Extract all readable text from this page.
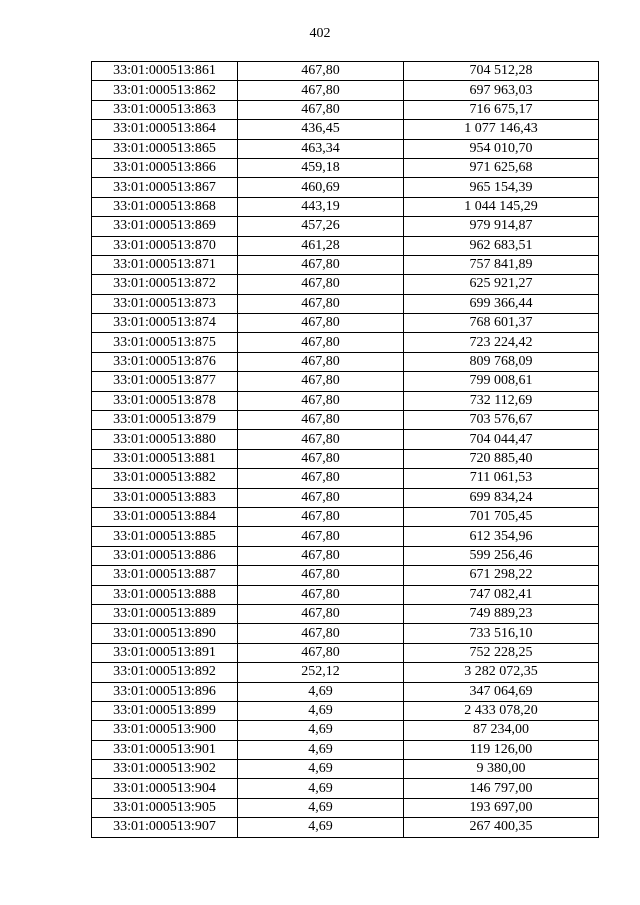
402
33:01:000513:861	467,80	704 512,28
33:01:000513:862	467,80	697 963,03
33:01:000513:863	467,80	716 675,17
33:01:000513:864	436,45	1 077 146,43
33:01:000513:865	463,34	954 010,70
33:01:000513:866	459,18	971 625,68
33:01:000513:867	460,69	965 154,39
33:01:000513:868	443,19	1 044 145,29
33:01:000513:869	457,26	979 914,87
33:01:000513:870	461,28	962 683,51
33:01:000513:871	467,80	757 841,89
33:01:000513:872	467,80	625 921,27
33:01:000513:873	467,80	699 366,44
33:01:000513:874	467,80	768 601,37
33:01:000513:875	467,80	723 224,42
33:01:000513:876	467,80	809 768,09
33:01:000513:877	467,80	799 008,61
33:01:000513:878	467,80	732 112,69
33:01:000513:879	467,80	703 576,67
33:01:000513:880	467,80	704 044,47
33:01:000513:881	467,80	720 885,40
33:01:000513:882	467,80	711 061,53
33:01:000513:883	467,80	699 834,24
33:01:000513:884	467,80	701 705,45
33:01:000513:885	467,80	612 354,96
33:01:000513:886	467,80	599 256,46
33:01:000513:887	467,80	671 298,22
33:01:000513:888	467,80	747 082,41
33:01:000513:889	467,80	749 889,23
33:01:000513:890	467,80	733 516,10
33:01:000513:891	467,80	752 228,25
33:01:000513:892	252,12	3 282 072,35
33:01:000513:896	4,69	347 064,69
33:01:000513:899	4,69	2 433 078,20
33:01:000513:900	4,69	87 234,00
33:01:000513:901	4,69	119 126,00
33:01:000513:902	4,69	9 380,00
33:01:000513:904	4,69	146 797,00
33:01:000513:905	4,69	193 697,00
33:01:000513:907	4,69	267 400,35
